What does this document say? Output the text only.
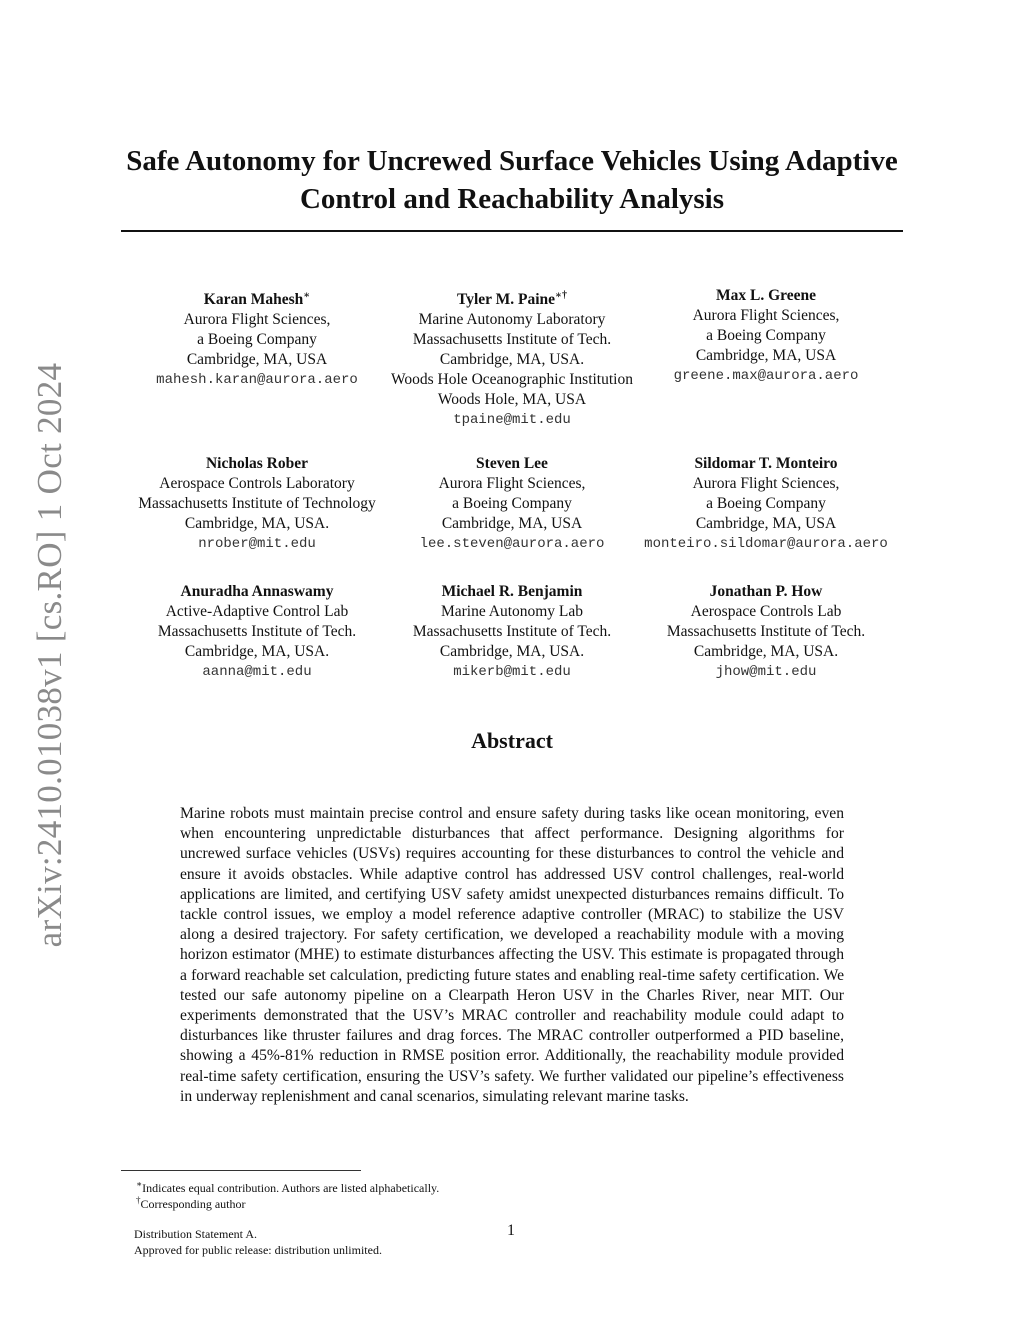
arXiv:2410.01038v1 [cs.RO] 1 Oct 2024
Safe Autonomy for Uncrewed Surface Vehicles Using Adaptive
Control and Reachability Analysis
Karan Mahesh∗
Aurora Flight Sciences,
a Boeing Company
Cambridge, MA, USA
mahesh.karan@aurora.aero
Tyler M. Paine∗†
Marine Autonomy Laboratory
Massachusetts Institute of Tech.
Cambridge, MA, USA.
Woods Hole Oceanographic Institution
Woods Hole, MA, USA
tpaine@mit.edu
Max L. Greene
Aurora Flight Sciences,
a Boeing Company
Cambridge, MA, USA
greene.max@aurora.aero
Nicholas Rober
Aerospace Controls Laboratory
Massachusetts Institute of Technology
Cambridge, MA, USA.
nrober@mit.edu
Steven Lee
Aurora Flight Sciences,
a Boeing Company
Cambridge, MA, USA
lee.steven@aurora.aero
Sildomar T. Monteiro
Aurora Flight Sciences,
a Boeing Company
Cambridge, MA, USA
monteiro.sildomar@aurora.aero
Anuradha Annaswamy
Active-Adaptive Control Lab
Massachusetts Institute of Tech.
Cambridge, MA, USA.
aanna@mit.edu
Michael R. Benjamin
Marine Autonomy Lab
Massachusetts Institute of Tech.
Cambridge, MA, USA.
mikerb@mit.edu
Jonathan P. How
Aerospace Controls Lab
Massachusetts Institute of Tech.
Cambridge, MA, USA.
jhow@mit.edu
Abstract
Marine robots must maintain precise control and ensure safety during tasks like ocean monitoring, even when encountering unpredictable disturbances that affect performance. Designing algorithms for uncrewed surface vehicles (USVs) requires accounting for these disturbances to control the vehicle and ensure it avoids obstacles. While adaptive control has addressed USV control challenges, real-world applications are limited, and certifying USV safety amidst unexpected disturbances remains difficult. To tackle control issues, we employ a model reference adaptive controller (MRAC) to stabilize the USV along a desired trajectory. For safety certification, we developed a reachability module with a moving horizon estimator (MHE) to estimate disturbances affecting the USV. This estimate is propagated through a forward reachable set calculation, predicting future states and enabling real-time safety certification. We tested our safe autonomy pipeline on a Clearpath Heron USV in the Charles River, near MIT. Our experiments demonstrated that the USV’s MRAC controller and reachability module could adapt to disturbances like thruster failures and drag forces. The MRAC controller outperformed a PID baseline, showing a 45%-81% reduction in RMSE position error. Additionally, the reachability module provided real-time safety certification, ensuring the USV’s safety. We further validated our pipeline’s effectiveness in underway replenishment and canal scenarios, simulating relevant marine tasks.
∗Indicates equal contribution. Authors are listed alphabetically.
†Corresponding author
Distribution Statement A.
Approved for public release: distribution unlimited.
1
